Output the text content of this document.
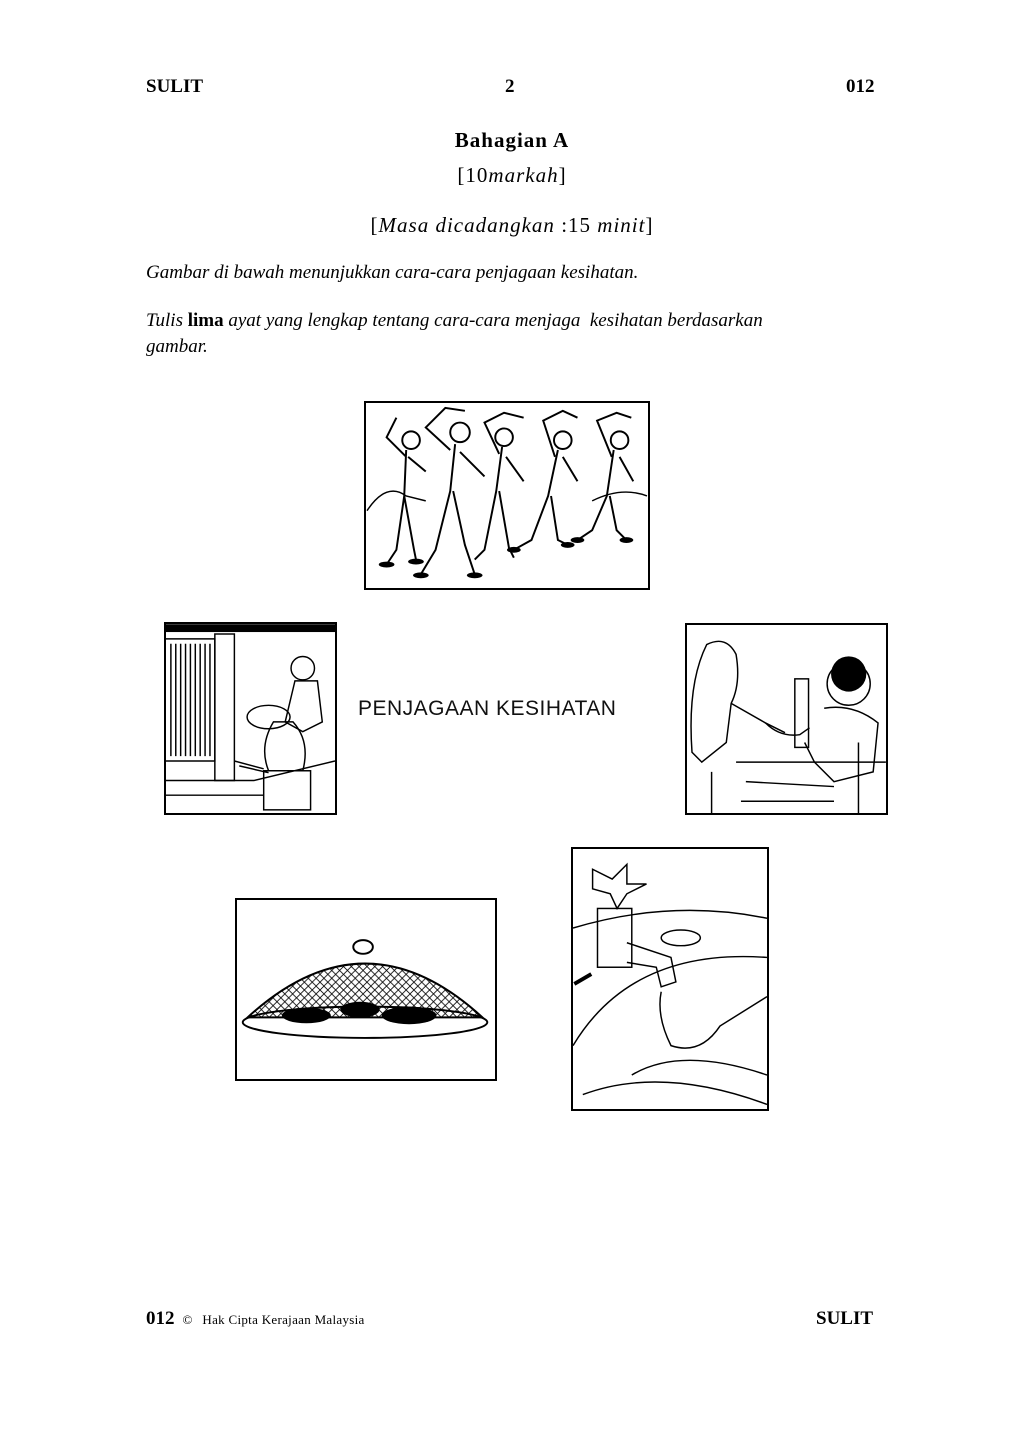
SULIT	2	012
Bahagian A
[10markah]
[Masa dicadangkan :15 minit]
Gambar di bawah menunjukkan cara-cara penjagaan kesihatan.
Tulis lima ayat yang lengkap tentang cara-cara menjaga  kesihatan berdasarkan
gambar.
PENJAGAAN KESIHATAN
012 © Hak Cipta Kerajaan Malaysia	SULIT
